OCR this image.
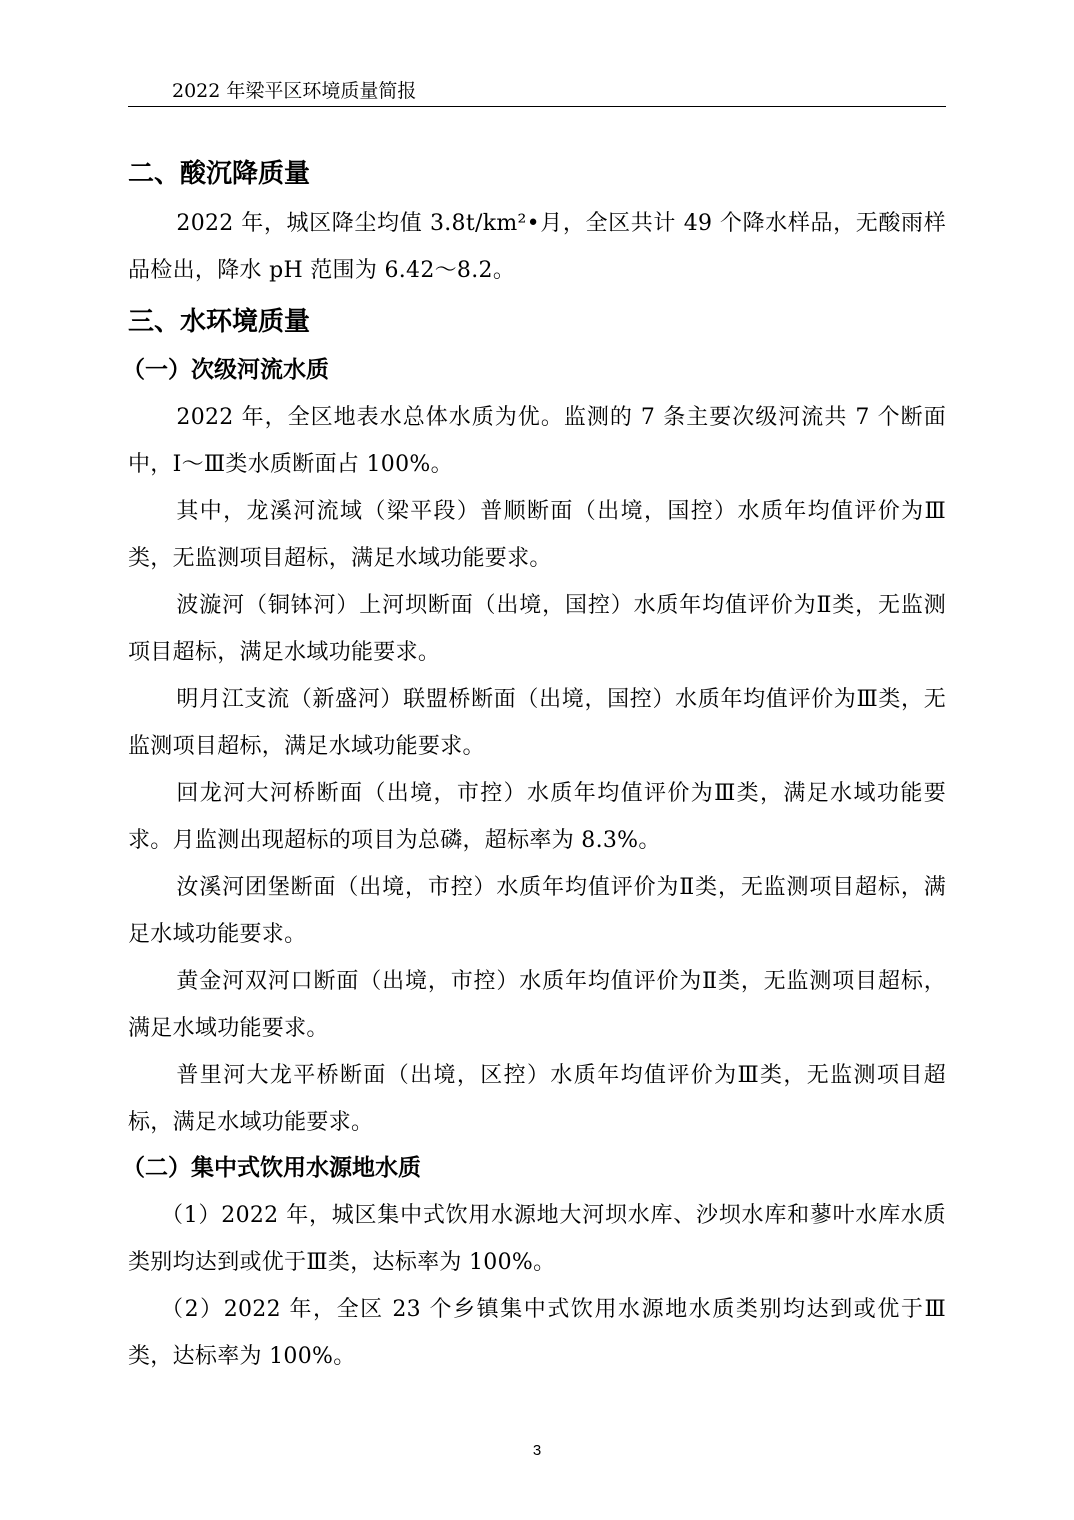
2022 年梁平区环境质量简报
二、酸沉降质量

2022 年，城区降尘均值 3.8t/km²•月，全区共计 49 个降水样品，无酸雨样品检出，降水 pH 范围为 6.42～8.2。

三、水环境质量
（一）次级河流水质

2022 年，全区地表水总体水质为优。监测的 7 条主要次级河流共 7 个断面中，Ⅰ～Ⅲ类水质断面占 100%。

其中，龙溪河流域（梁平段）普顺断面（出境，国控）水质年均值评价为Ⅲ类，无监测项目超标，满足水域功能要求。

波漩河（铜钵河）上河坝断面（出境，国控）水质年均值评价为Ⅱ类，无监测项目超标，满足水域功能要求。

明月江支流（新盛河）联盟桥断面（出境，国控）水质年均值评价为Ⅲ类，无监测项目超标，满足水域功能要求。

回龙河大河桥断面（出境，市控）水质年均值评价为Ⅲ类，满足水域功能要求。月监测出现超标的项目为总磷，超标率为 8.3%。

汝溪河团堡断面（出境，市控）水质年均值评价为Ⅱ类，无监测项目超标，满足水域功能要求。

黄金河双河口断面（出境，市控）水质年均值评价为Ⅱ类，无监测项目超标，满足水域功能要求。

普里河大龙平桥断面（出境，区控）水质年均值评价为Ⅲ类，无监测项目超标，满足水域功能要求。

（二）集中式饮用水源地水质

（1）2022 年，城区集中式饮用水源地大河坝水库、沙坝水库和蓼叶水库水质类别均达到或优于Ⅲ类，达标率为 100%。

（2）2022 年，全区 23 个乡镇集中式饮用水源地水质类别均达到或优于Ⅲ类，达标率为 100%。

3
